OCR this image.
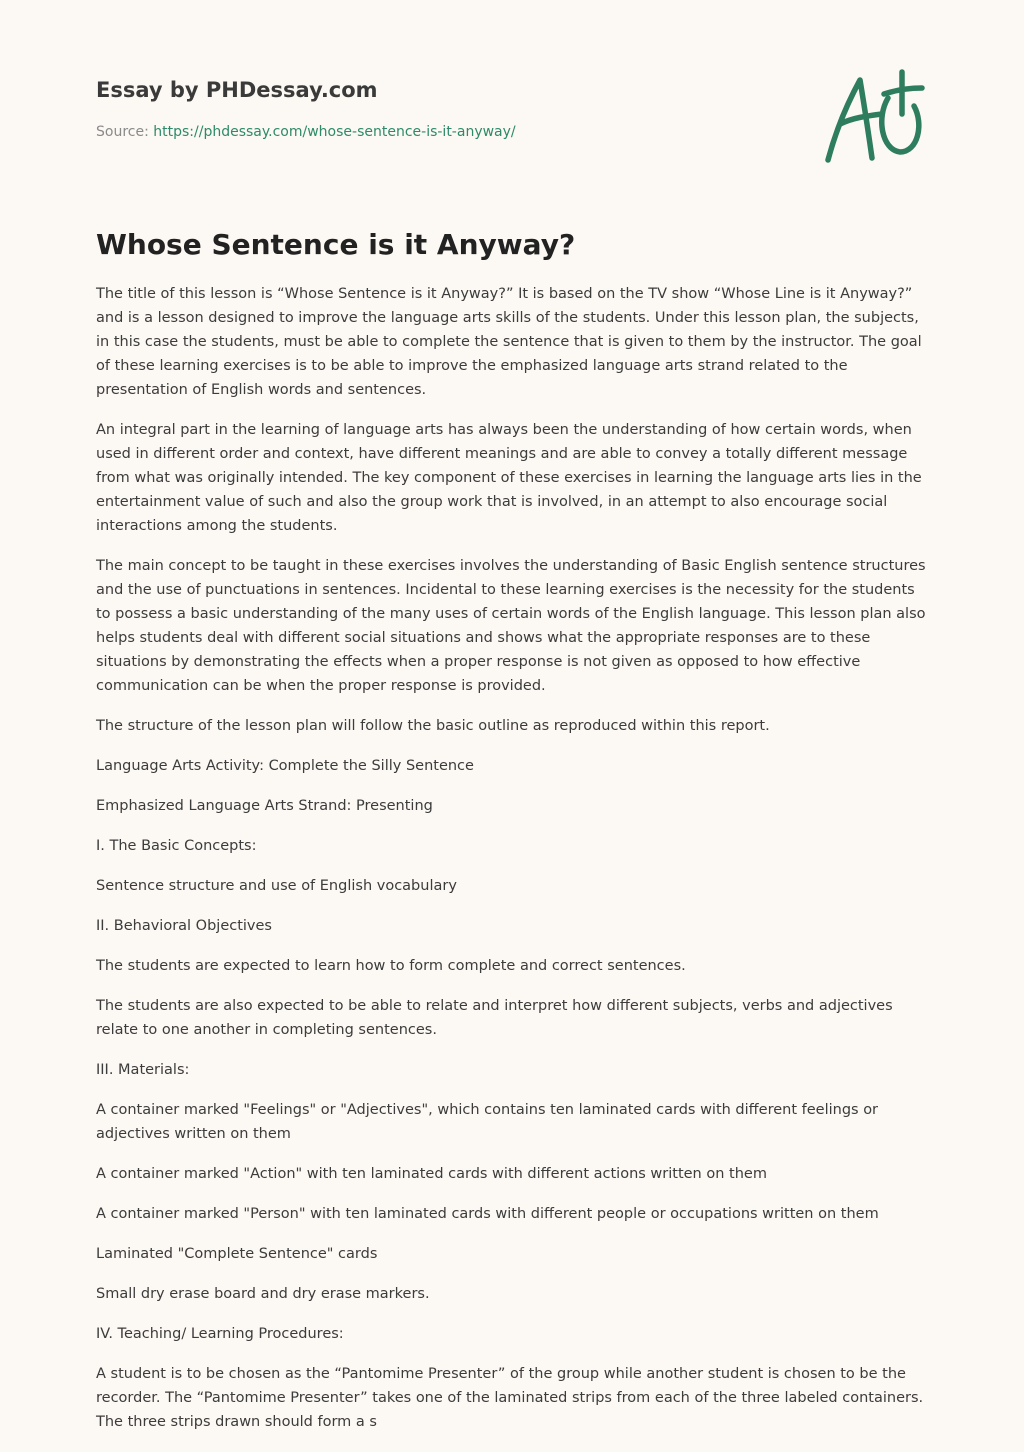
Essay by PHDessay.com
Source: https://phdessay.com/whose-sentence-is-it-anyway/
Whose Sentence is it Anyway?

The title of this lesson is “Whose Sentence is it Anyway?” It is based on the TV show “Whose Line is it Anyway?” and is a lesson designed to improve the language arts skills of the students. Under this lesson plan, the subjects, in this case the students, must be able to complete the sentence that is given to them by the instructor. The goal of these learning exercises is to be able to improve the emphasized language arts strand related to the presentation of English words and sentences.

An integral part in the learning of language arts has always been the understanding of how certain words, when used in different order and context, have different meanings and are able to convey a totally different message from what was originally intended. The key component of these exercises in learning the language arts lies in the entertainment value of such and also the group work that is involved, in an attempt to also encourage social interactions among the students.

The main concept to be taught in these exercises involves the understanding of Basic English sentence structures and the use of punctuations in sentences. Incidental to these learning exercises is the necessity for the students to possess a basic understanding of the many uses of certain words of the English language. This lesson plan also helps students deal with different social situations and shows what the appropriate responses are to these situations by demonstrating the effects when a proper response is not given as opposed to how effective communication can be when the proper response is provided.

The structure of the lesson plan will follow the basic outline as reproduced within this report.

Language Arts Activity: Complete the Silly Sentence

Emphasized Language Arts Strand: Presenting

I. The Basic Concepts:

Sentence structure and use of English vocabulary

II. Behavioral Objectives

The students are expected to learn how to form complete and correct sentences.

The students are also expected to be able to relate and interpret how different subjects, verbs and adjectives relate to one another in completing sentences.

III. Materials:

A container marked "Feelings" or "Adjectives", which contains ten laminated cards with different feelings or adjectives written on them

A container marked "Action" with ten laminated cards with different actions written on them

A container marked "Person" with ten laminated cards with different people or occupations written on them

Laminated "Complete Sentence" cards

Small dry erase board and dry erase markers.

IV. Teaching/ Learning Procedures:

A student is to be chosen as the “Pantomime Presenter” of the group while another student is chosen to be the recorder. The “Pantomime Presenter” takes one of the laminated strips from each of the three labeled containers. The three strips drawn should form a s
